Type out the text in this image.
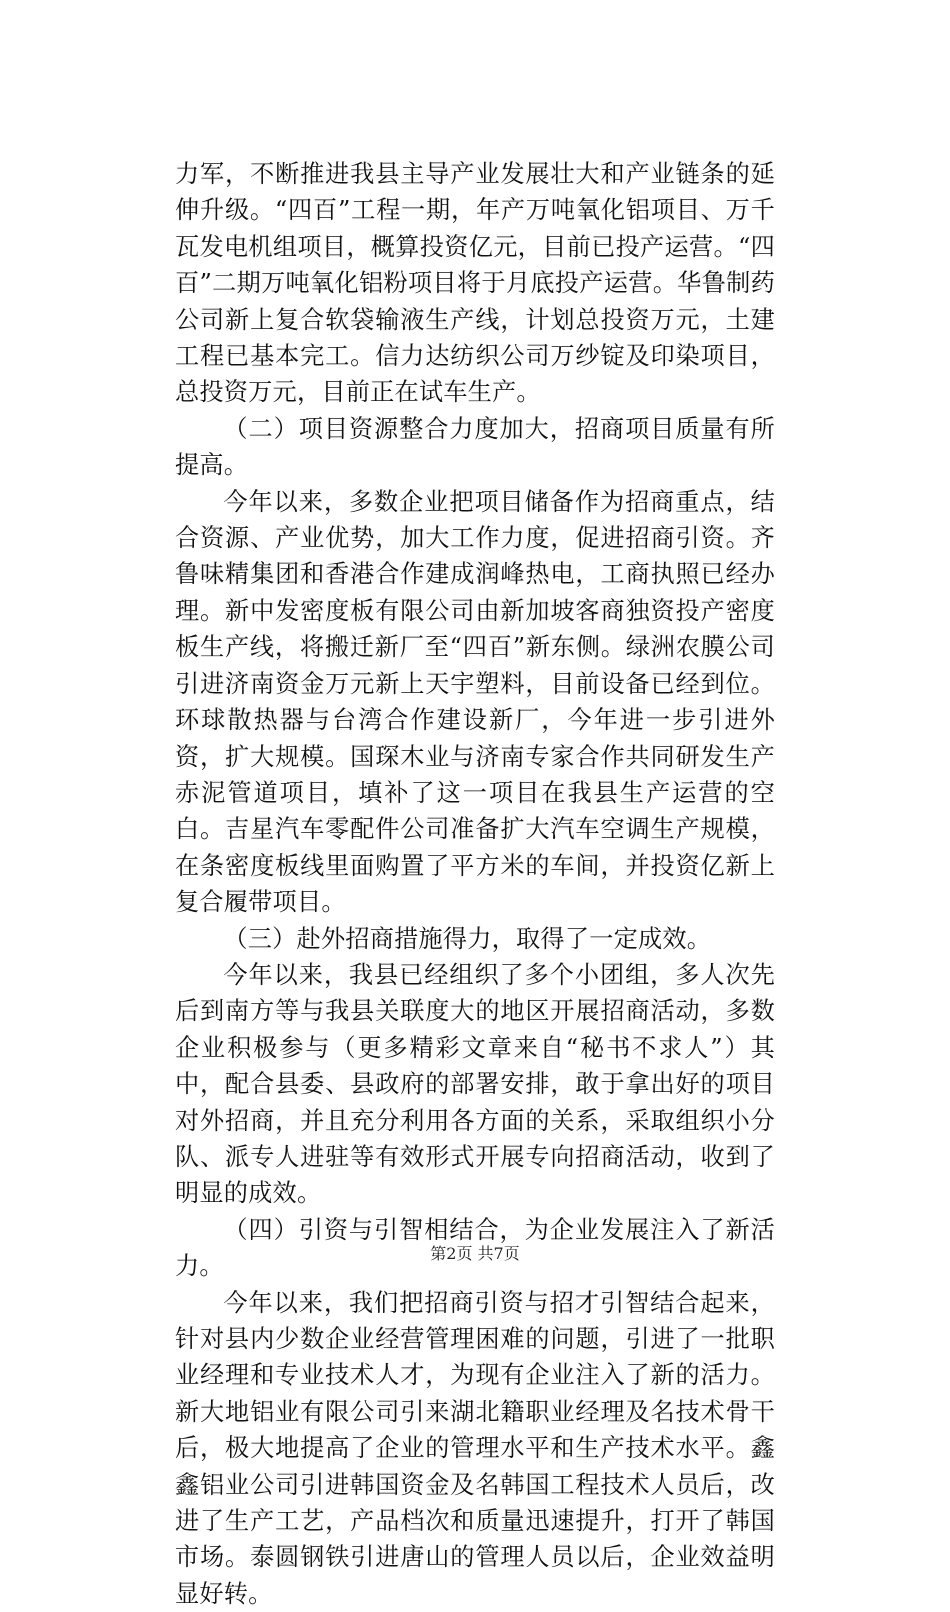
力军，不断推进我县主导产业发展壮大和产业链条的延伸升级。“四百”工程一期，年产万吨氧化铝项目、万千瓦发电机组项目，概算投资亿元，目前已投产运营。“四百”二期万吨氧化铝粉项目将于月底投产运营。华鲁制药公司新上复合软袋输液生产线，计划总投资万元，土建工程已基本完工。信力达纺织公司万纱锭及印染项目，总投资万元，目前正在试车生产。

（二）项目资源整合力度加大，招商项目质量有所提高。

今年以来，多数企业把项目储备作为招商重点，结合资源、产业优势，加大工作力度，促进招商引资。齐鲁味精集团和香港合作建成润峰热电，工商执照已经办理。新中发密度板有限公司由新加坡客商独资投产密度板生产线，将搬迁新厂至“四百”新东侧。绿洲农膜公司引进济南资金万元新上天宇塑料，目前设备已经到位。环球散热器与台湾合作建设新厂，今年进一步引进外资，扩大规模。国琛木业与济南专家合作共同研发生产赤泥管道项目，填补了这一项目在我县生产运营的空白。吉星汽车零配件公司准备扩大汽车空调生产规模，在条密度板线里面购置了平方米的车间，并投资亿新上复合履带项目。

（三）赴外招商措施得力，取得了一定成效。

今年以来，我县已经组织了多个小团组，多人次先后到南方等与我县关联度大的地区开展招商活动，多数企业积极参与（更多精彩文章来自“秘书不求人”）其中，配合县委、县政府的部署安排，敢于拿出好的项目对外招商，并且充分利用各方面的关系，采取组织小分队、派专人进驻等有效形式开展专向招商活动，收到了明显的成效。

（四）引资与引智相结合，为企业发展注入了新活力。

今年以来，我们把招商引资与招才引智结合起来，针对县内少数企业经营管理困难的问题，引进了一批职业经理和专业技术人才，为现有企业注入了新的活力。新大地铝业有限公司引来湖北籍职业经理及名技术骨干后，极大地提高了企业的管理水平和生产技术水平。鑫鑫铝业公司引进韩国资金及名韩国工程技术人员后，改进了生产工艺，产品档次和质量迅速提升，打开了韩国市场。泰圆钢铁引进唐山的管理人员以后，企业效益明显好转。

第2页 共7页
